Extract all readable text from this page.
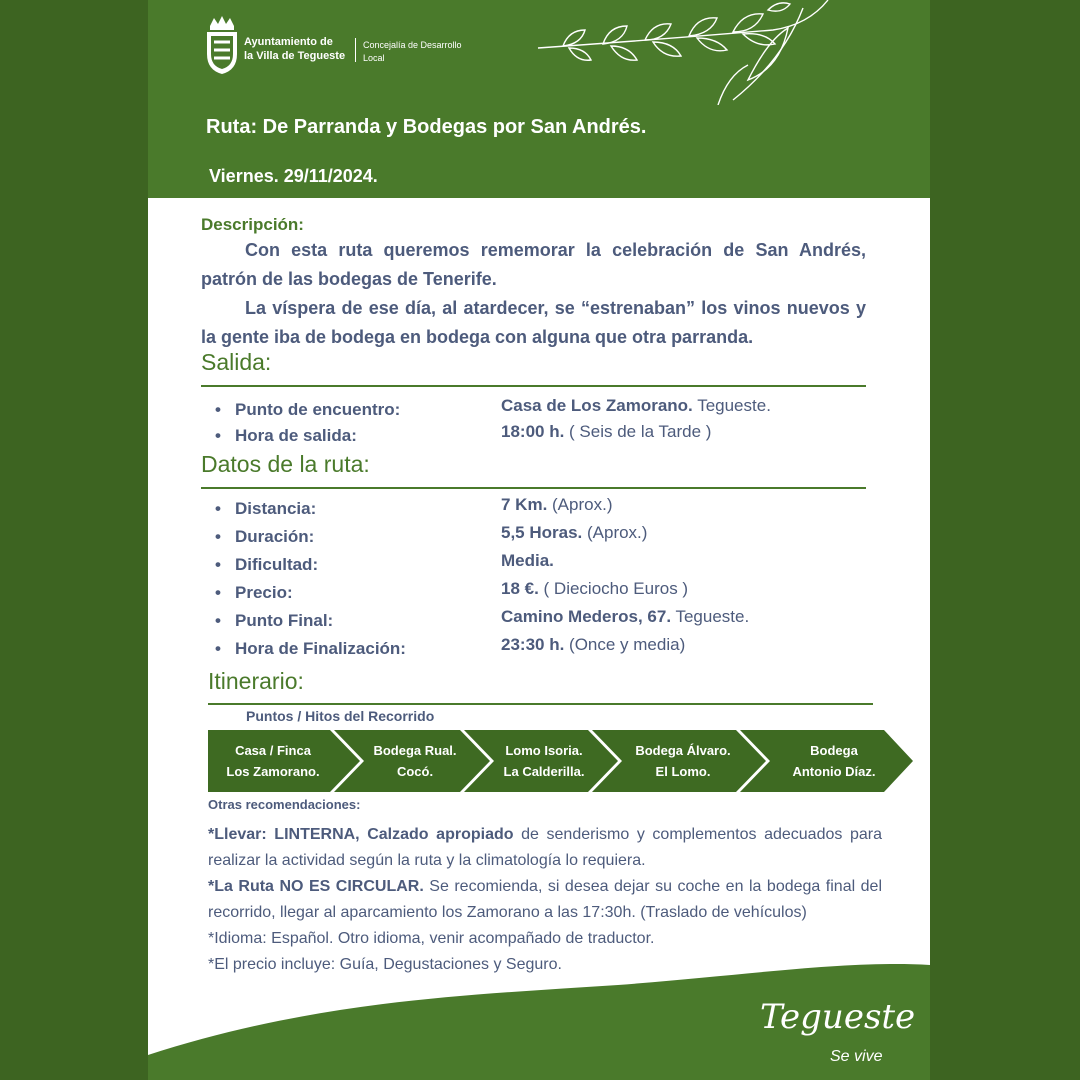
Ayuntamiento de
la Villa de Tegueste
Concejalía de Desarrollo
Local
Ruta: De Parranda y Bodegas por San Andrés.
Viernes. 29/11/2024.
Descripción:

Con esta ruta queremos rememorar la celebración de San Andrés, patrón de las bodegas de Tenerife.

La víspera de ese día, al atardecer, se “estrenaban” los vinos nuevos y la gente iba de bodega en bodega con alguna que otra parranda.

Salida:
• Punto de encuentro:	Casa de Los Zamorano. Tegueste.
• Hora de salida:	18:00 h. ( Seis de la Tarde )
Datos de la ruta:
• Distancia:	7 Km. (Aprox.)
• Duración:	5,5 Horas. (Aprox.)
• Dificultad:	Media.
• Precio:	18 €. ( Dieciocho Euros )
• Punto Final:	Camino Mederos, 67. Tegueste.
• Hora de Finalización:	23:30 h. (Once y media)
Itinerario:
Puntos / Hitos del Recorrido
Casa / Finca
Los Zamorano.
Bodega Rual.
Cocó.
Lomo Isoria.
La Calderilla.
Bodega Álvaro.
El Lomo.
Bodega
Antonio Díaz.
Otras recomendaciones:

*Llevar: LINTERNA, Calzado apropiado de senderismo y complementos adecuados para realizar la actividad según la ruta y la climatología lo requiera.

*La Ruta NO ES CIRCULAR. Se recomienda, si desea dejar su coche en la bodega final del recorrido, llegar al aparcamiento los Zamorano a las 17:30h. (Traslado de vehículos)

*Idioma: Español. Otro idioma, venir acompañado de traductor.

*El precio incluye: Guía, Degustaciones y Seguro.

Tegueste
Se vive
